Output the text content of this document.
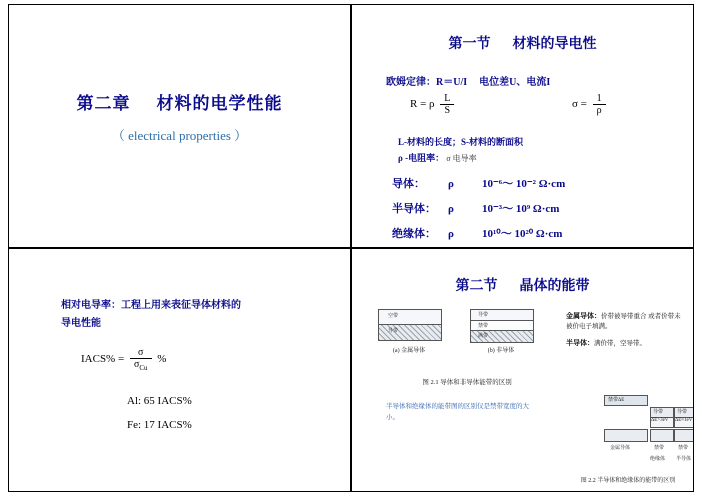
第二章 材料的电学性能
（ electrical properties ）
第一节 材料的导电性
欧姆定律：R＝U/I 电位差U、电流I
R = ρ $\frac{L}{S}$	$\sigma = \frac{1}{\rho}$
L-材料的长度；S-材料的断面积
ρ -电阻率： σ 电导率
导体： ρ	10⁻⁶～ 10⁻² Ω·cm
半导体： ρ	10⁻³～ 10⁹ Ω·cm
绝缘体： ρ	10¹⁰～ 10²⁰ Ω·cm
相对电导率：工程上用来表征导体材料的
导电性能
IACS% = $\frac{\sigma}{\sigma_{Cu}}$ %
Al: 65 IACS%
Fe: 17 IACS%
第二节 晶体的能带
空带
导带
(a) 金属导体
导带
禁带
满带
(b) 非导体
图 2.1 导体和非导体能带的区别
半导体和绝缘体的能带图的区别仅是禁带宽度的大小。
金属导体：价带被导带重合 或者价带未被价电子填满。
半导体：满价带，空导带。
禁带ΔE
导带	导带
ΔE>3eV ΔE≈1eV
金属导体	禁带	禁带
绝缘体 半导体
图 2.2 半导体和绝缘体的能带的区别
